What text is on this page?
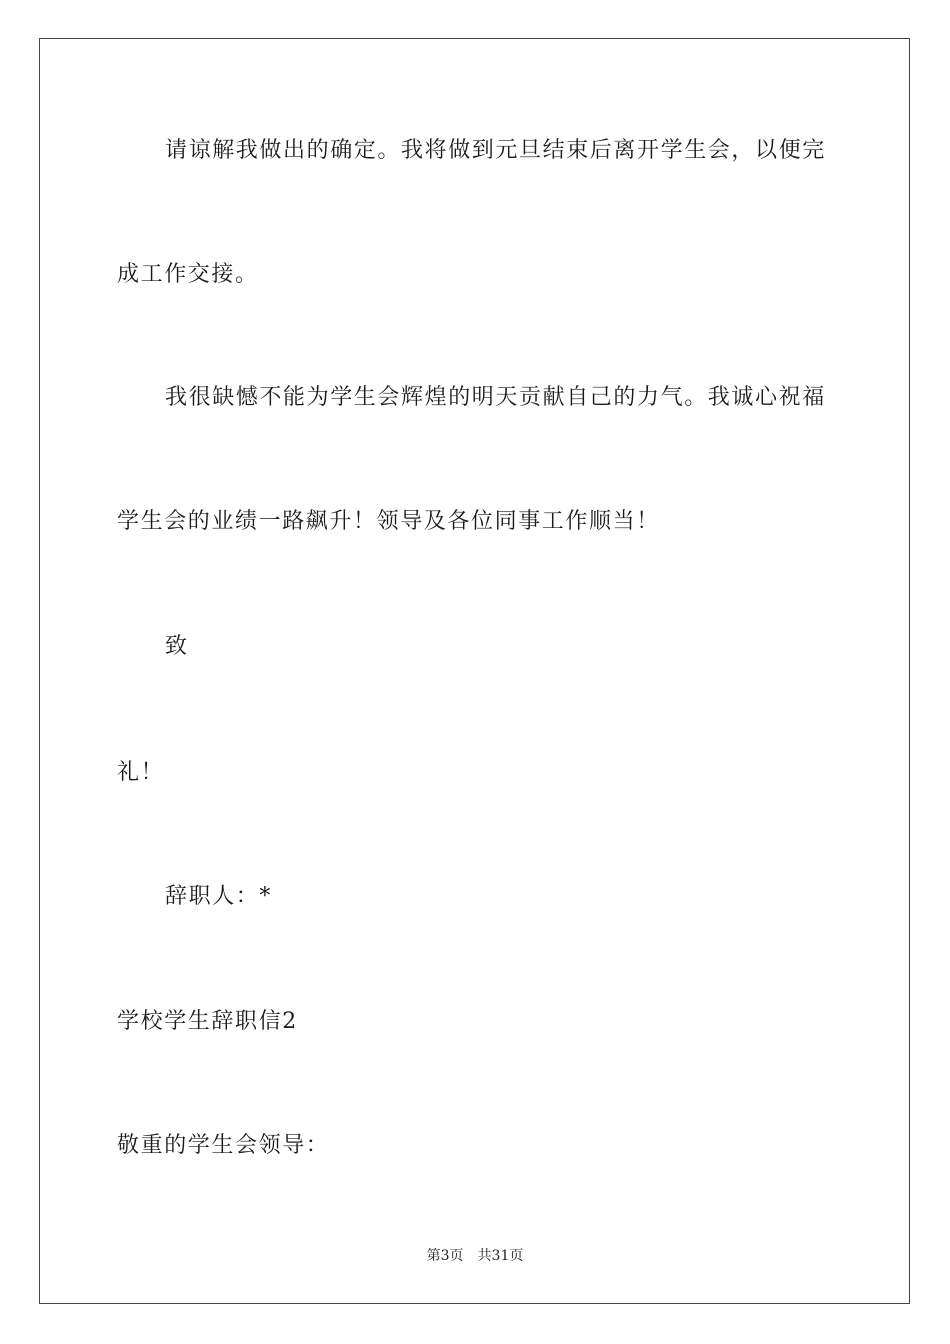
请谅解我做出的确定。我将做到元旦结束后离开学生会，以便完
成工作交接。
我很缺憾不能为学生会辉煌的明天贡献自己的力气。我诚心祝福
学生会的业绩一路飙升！领导及各位同事工作顺当！
致
礼！
辞职人：*
学校学生辞职信2
敬重的学生会领导：
第3页 共31页
